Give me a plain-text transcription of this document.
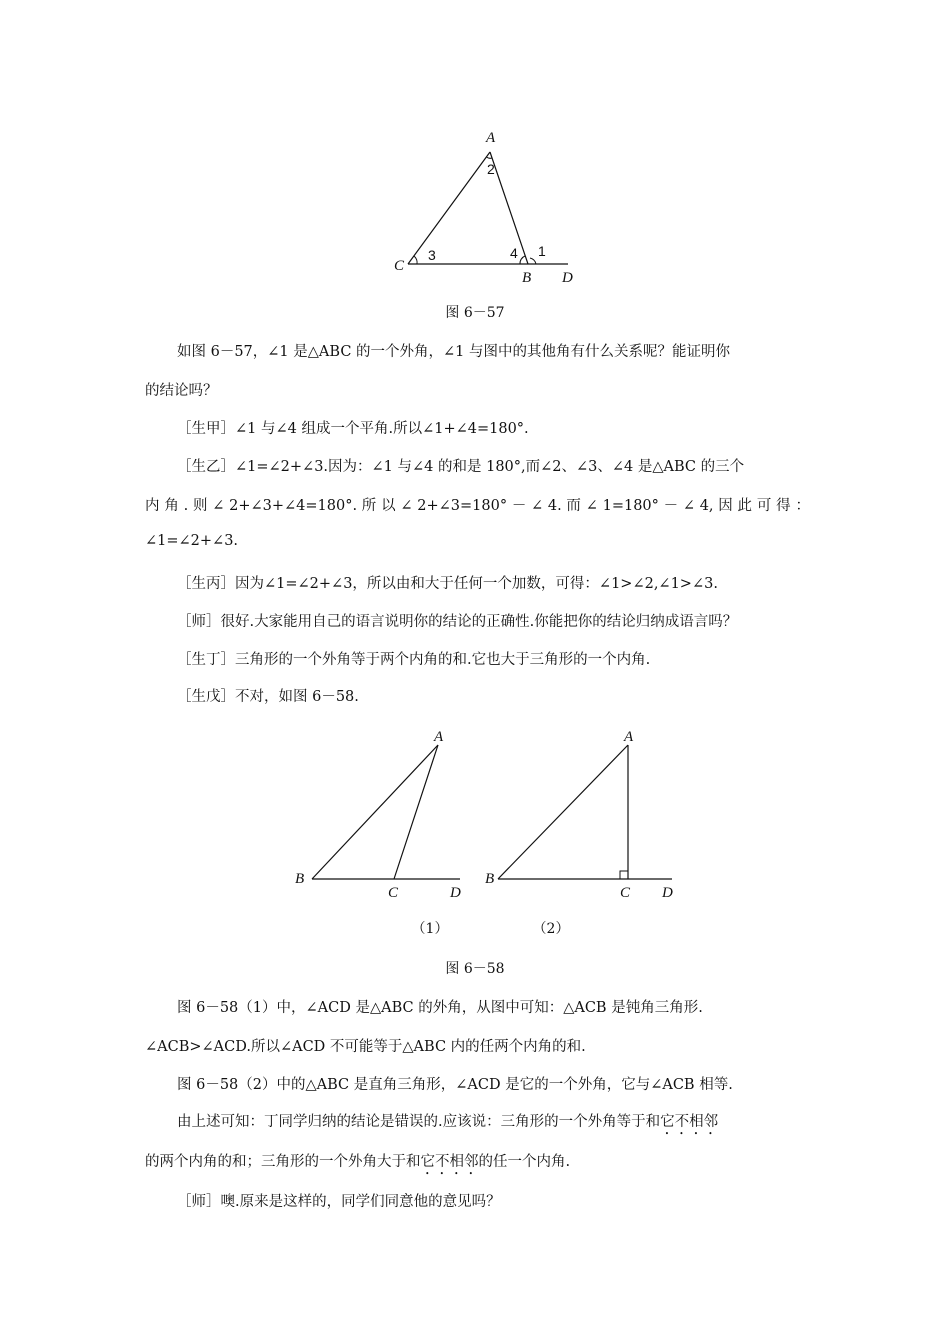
A
C
B D
2
3	4 1
图 6－57
如图 6－57，∠1 是△ABC 的一个外角，∠1 与图中的其他角有什么关系呢？能证明你
的结论吗？
［生甲］∠1 与∠4 组成一个平角.所以∠1+∠4=180°.
［生乙］∠1=∠2+∠3.因为：∠1 与∠4 的和是 180°,而∠2、∠3、∠4 是△ABC 的三个
内 角 . 则 ∠ 2+∠3+∠4=180°. 所 以 ∠ 2+∠3=180° － ∠ 4. 而 ∠ 1=180° － ∠ 4, 因 此 可 得 ：
∠1=∠2+∠3.
［生丙］因为∠1=∠2+∠3，所以由和大于任何一个加数，可得：∠1>∠2,∠1>∠3.
［师］很好.大家能用自己的语言说明你的结论的正确性.你能把你的结论归纳成语言吗？
［生丁］三角形的一个外角等于两个内角的和.它也大于三角形的一个内角.
［生戊］不对，如图 6－58.
A
B
C	D
（1）
A
B
C D
（2）
图 6－58
图 6－58（1）中，∠ACD 是△ABC 的外角，从图中可知：△ACB 是钝角三角形.
∠ACB>∠ACD.所以∠ACD 不可能等于△ABC 内的任两个内角的和.
图 6－58（2）中的△ABC 是直角三角形，∠ACD 是它的一个外角，它与∠ACB 相等.
由上述可知：丁同学归纳的结论是错误的.应该说：三角形的一个外角等于和它不相邻
的两个内角的和；三角形的一个外角大于和它不相邻的任一个内角.
［师］噢.原来是这样的，同学们同意他的意见吗？
